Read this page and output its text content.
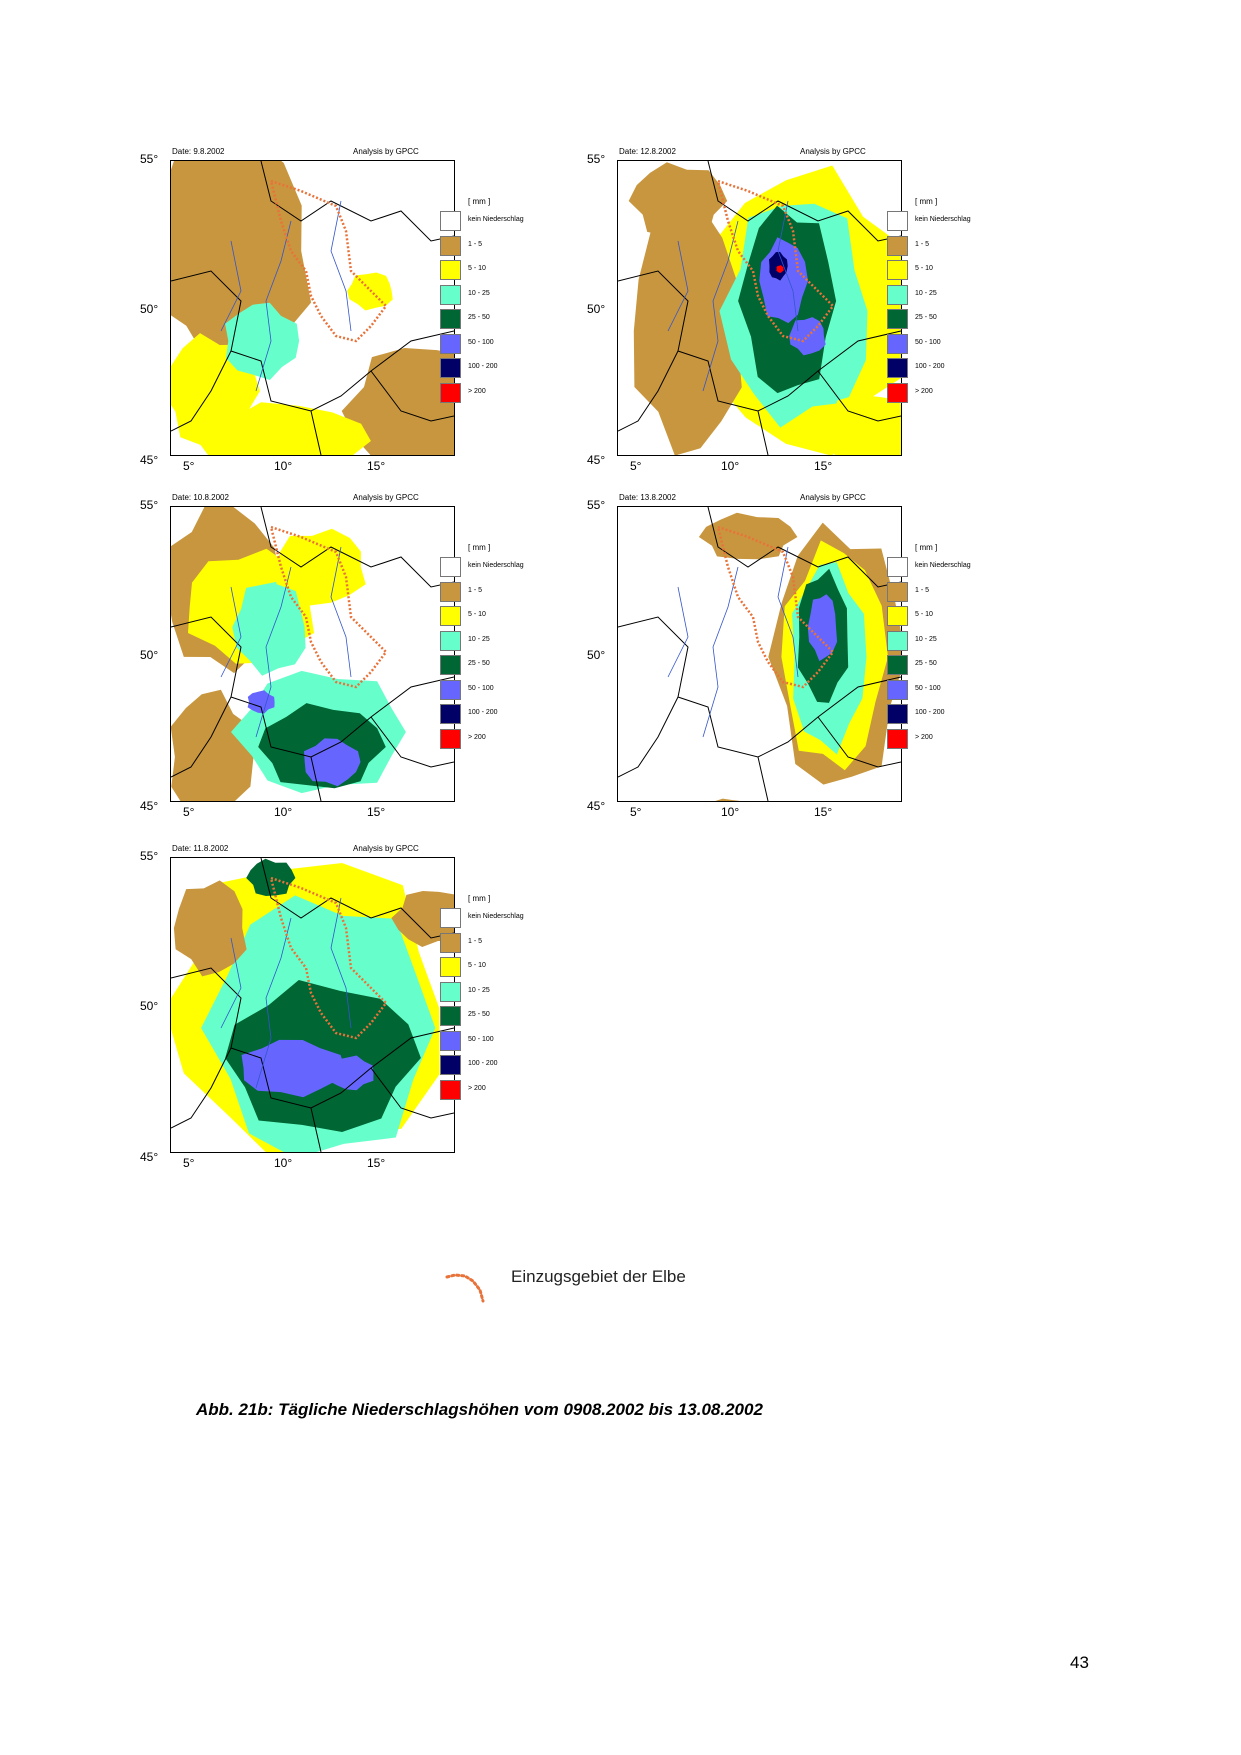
Date: 9.8.2002	Analysis by GPCC
55°
50°
45° 5°	10°	15°
[ mm ]
kein Niederschlag
1 - 5
5 - 10
10 - 25
25 - 50
50 - 100
100 - 200
> 200
Date: 12.8.2002	Analysis by GPCC
55°
50°
45° 5°	10°	15°
[ mm ]
kein Niederschlag
1 - 5
5 - 10
10 - 25
25 - 50
50 - 100
100 - 200
> 200
Date: 10.8.2002	Analysis by GPCC
55°
50°
45° 5°	10°	15°
[ mm ]
kein Niederschlag
1 - 5
5 - 10
10 - 25
25 - 50
50 - 100
100 - 200
> 200
Date: 13.8.2002	Analysis by GPCC
55°
50°
45° 5°	10°	15°
[ mm ]
kein Niederschlag
1 - 5
5 - 10
10 - 25
25 - 50
50 - 100
100 - 200
> 200
Date: 11.8.2002	Analysis by GPCC
55°
50°
45° 5°	10°	15°
[ mm ]
kein Niederschlag
1 - 5
5 - 10
10 - 25
25 - 50
50 - 100
100 - 200
> 200
Einzugsgebiet der Elbe
Abb. 21b: Tägliche Niederschlagshöhen vom 0908.2002 bis 13.08.2002
43
